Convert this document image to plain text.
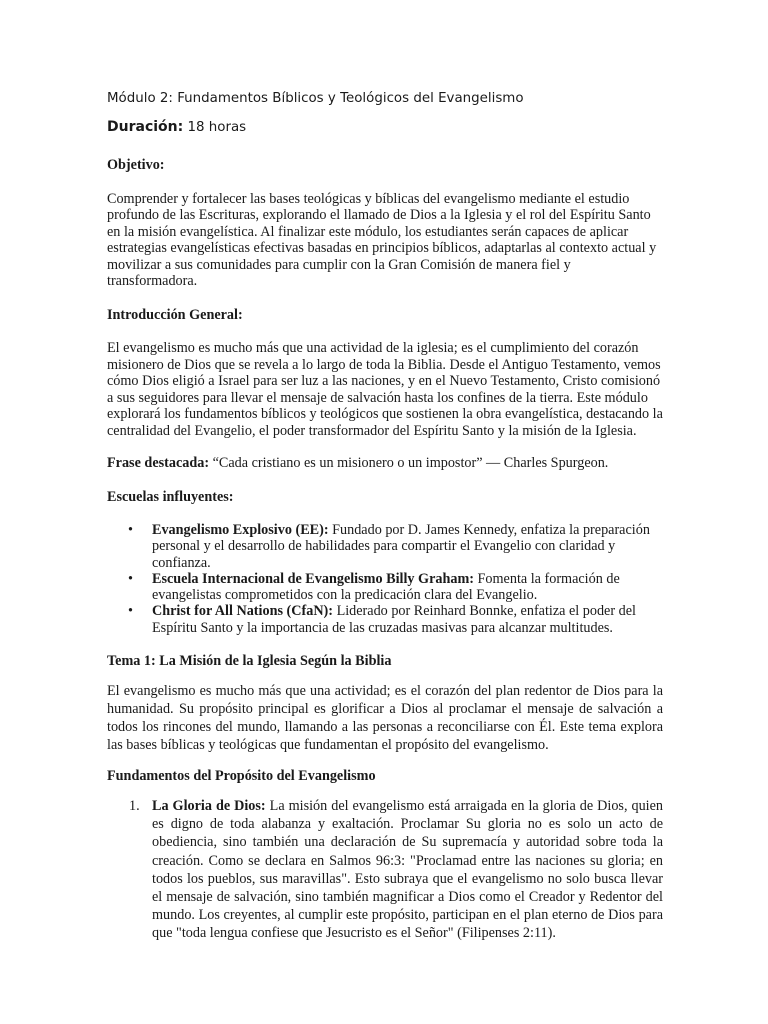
Módulo 2: Fundamentos Bíblicos y Teológicos del Evangelismo

Duración: 18 horas

Objetivo:

Comprender y fortalecer las bases teológicas y bíblicas del evangelismo mediante el estudio profundo de las Escrituras, explorando el llamado de Dios a la Iglesia y el rol del Espíritu Santo en la misión evangelística. Al finalizar este módulo, los estudiantes serán capaces de aplicar estrategias evangelísticas efectivas basadas en principios bíblicos, adaptarlas al contexto actual y movilizar a sus comunidades para cumplir con la Gran Comisión de manera fiel y transformadora.

Introducción General:

El evangelismo es mucho más que una actividad de la iglesia; es el cumplimiento del corazón misionero de Dios que se revela a lo largo de toda la Biblia. Desde el Antiguo Testamento, vemos cómo Dios eligió a Israel para ser luz a las naciones, y en el Nuevo Testamento, Cristo comisionó a sus seguidores para llevar el mensaje de salvación hasta los confines de la tierra. Este módulo explorará los fundamentos bíblicos y teológicos que sostienen la obra evangelística, destacando la centralidad del Evangelio, el poder transformador del Espíritu Santo y la misión de la Iglesia.

Frase destacada: “Cada cristiano es un misionero o un impostor” — Charles Spurgeon.

Escuelas influyentes:

• Evangelismo Explosivo (EE): Fundado por D. James Kennedy, enfatiza la preparación personal y el desarrollo de habilidades para compartir el Evangelio con claridad y confianza.
• Escuela Internacional de Evangelismo Billy Graham: Fomenta la formación de evangelistas comprometidos con la predicación clara del Evangelio.
• Christ for All Nations (CfaN): Liderado por Reinhard Bonnke, enfatiza el poder del Espíritu Santo y la importancia de las cruzadas masivas para alcanzar multitudes.

Tema 1: La Misión de la Iglesia Según la Biblia

El evangelismo es mucho más que una actividad; es el corazón del plan redentor de Dios para la humanidad. Su propósito principal es glorificar a Dios al proclamar el mensaje de salvación a todos los rincones del mundo, llamando a las personas a reconciliarse con Él. Este tema explora las bases bíblicas y teológicas que fundamentan el propósito del evangelismo.

Fundamentos del Propósito del Evangelismo

1. La Gloria de Dios: La misión del evangelismo está arraigada en la gloria de Dios, quien es digno de toda alabanza y exaltación. Proclamar Su gloria no es solo un acto de obediencia, sino también una declaración de Su supremacía y autoridad sobre toda la creación. Como se declara en Salmos 96:3: "Proclamad entre las naciones su gloria; en todos los pueblos, sus maravillas". Esto subraya que el evangelismo no solo busca llevar el mensaje de salvación, sino también magnificar a Dios como el Creador y Redentor del mundo. Los creyentes, al cumplir este propósito, participan en el plan eterno de Dios para que "toda lengua confiese que Jesucristo es el Señor" (Filipenses 2:11).
